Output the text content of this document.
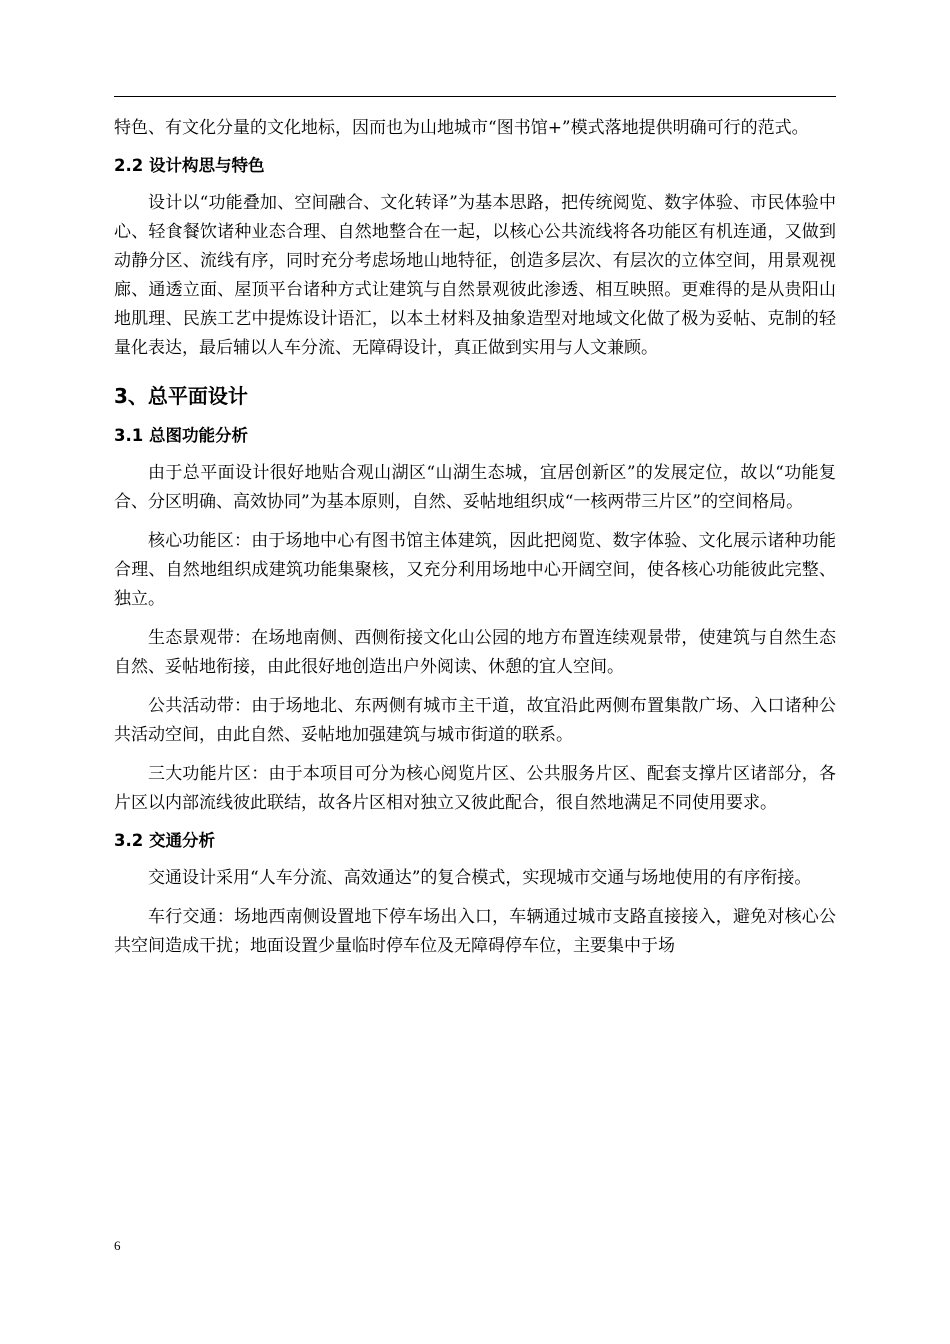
特色、有文化分量的文化地标，因而也为山地城市“图书馆+”模式落地提供明确可行的范式。

2.2 设计构思与特色

设计以“功能叠加、空间融合、文化转译”为基本思路，把传统阅览、数字体验、市民体验中心、轻食餐饮诸种业态合理、自然地整合在一起，以核心公共流线将各功能区有机连通，又做到动静分区、流线有序，同时充分考虑场地山地特征，创造多层次、有层次的立体空间，用景观视廊、通透立面、屋顶平台诸种方式让建筑与自然景观彼此渗透、相互映照。更难得的是从贵阳山地肌理、民族工艺中提炼设计语汇，以本土材料及抽象造型对地域文化做了极为妥帖、克制的轻量化表达，最后辅以人车分流、无障碍设计，真正做到实用与人文兼顾。

3、总平面设计
3.1 总图功能分析

由于总平面设计很好地贴合观山湖区“山湖生态城，宜居创新区”的发展定位，故以“功能复合、分区明确、高效协同”为基本原则，自然、妥帖地组织成“一核两带三片区”的空间格局。

核心功能区：由于场地中心有图书馆主体建筑，因此把阅览、数字体验、文化展示诸种功能合理、自然地组织成建筑功能集聚核，又充分利用场地中心开阔空间，使各核心功能彼此完整、独立。

生态景观带：在场地南侧、西侧衔接文化山公园的地方布置连续观景带，使建筑与自然生态自然、妥帖地衔接，由此很好地创造出户外阅读、休憩的宜人空间。

公共活动带：由于场地北、东两侧有城市主干道，故宜沿此两侧布置集散广场、入口诸种公共活动空间，由此自然、妥帖地加强建筑与城市街道的联系。

三大功能片区：由于本项目可分为核心阅览片区、公共服务片区、配套支撑片区诸部分，各片区以内部流线彼此联结，故各片区相对独立又彼此配合，很自然地满足不同使用要求。

3.2 交通分析

交通设计采用“人车分流、高效通达”的复合模式，实现城市交通与场地使用的有序衔接。

车行交通：场地西南侧设置地下停车场出入口，车辆通过城市支路直接接入，避免对核心公共空间造成干扰；地面设置少量临时停车位及无障碍停车位，主要集中于场

6
